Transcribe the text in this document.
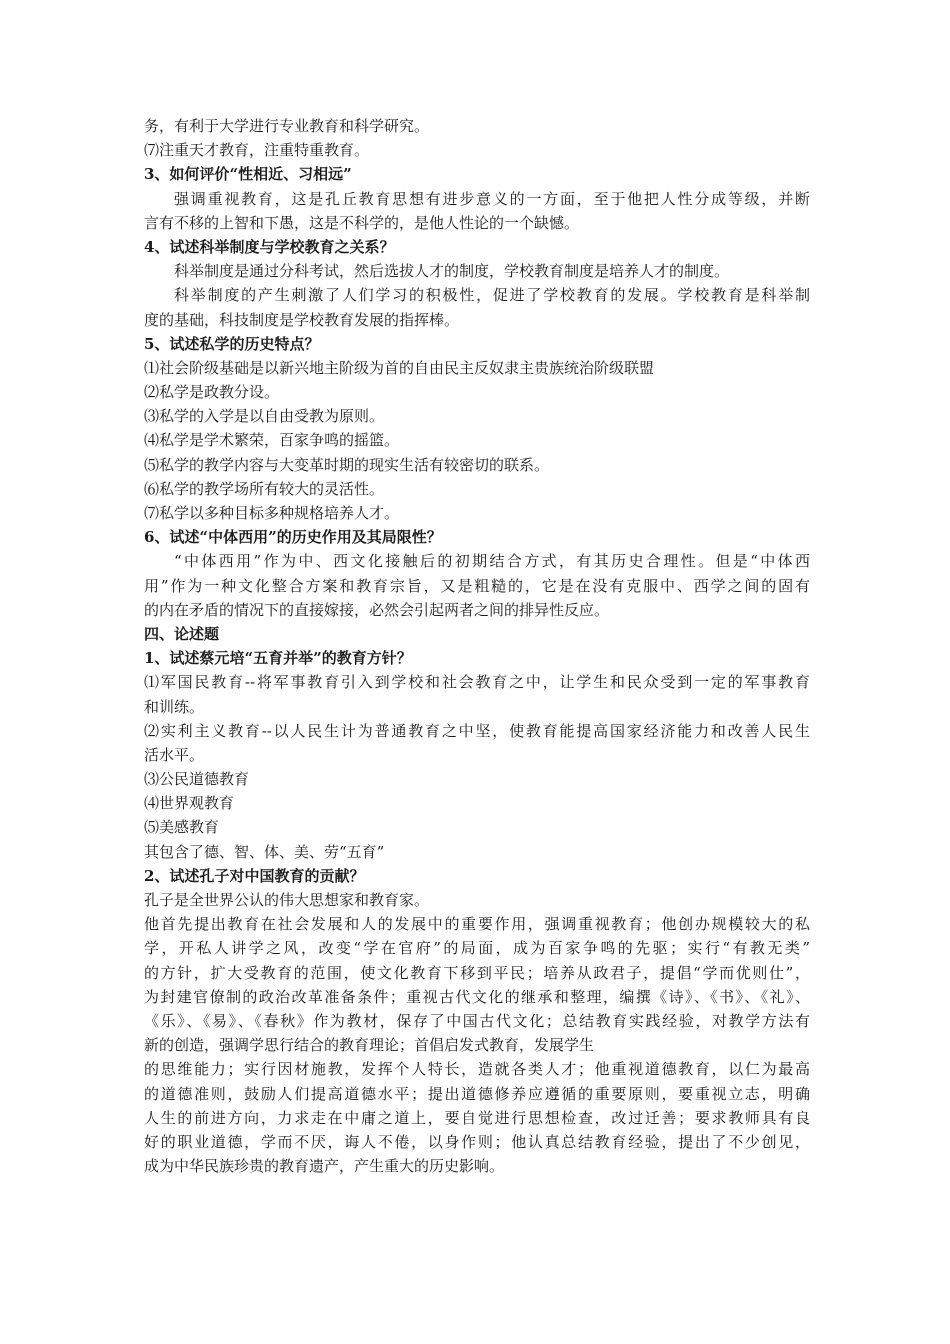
务，有利于大学进行专业教育和科学研究。
⑺注重天才教育，注重特重教育。
3、如何评价“性相近、习相远”
强调重视教育，这是孔丘教育思想有进步意义的一方面，至于他把人性分成等级，并断
言有不移的上智和下愚，这是不科学的，是他人性论的一个缺憾。
4、试述科举制度与学校教育之关系？
科举制度是通过分科考试，然后选拔人才的制度，学校教育制度是培养人才的制度。
科举制度的产生刺激了人们学习的积极性，促进了学校教育的发展。学校教育是科举制
度的基础，科技制度是学校教育发展的指挥棒。
5、试述私学的历史特点？
⑴社会阶级基础是以新兴地主阶级为首的自由民主反奴隶主贵族统治阶级联盟
⑵私学是政教分设。
⑶私学的入学是以自由受教为原则。
⑷私学是学术繁荣，百家争鸣的摇篮。
⑸私学的教学内容与大变革时期的现实生活有较密切的联系。
⑹私学的教学场所有较大的灵活性。
⑺私学以多种目标多种规格培养人才。
6、试述“中体西用”的历史作用及其局限性？
“中体西用”作为中、西文化接触后的初期结合方式，有其历史合理性。但是“中体西
用”作为一种文化整合方案和教育宗旨，又是粗糙的，它是在没有克服中、西学之间的固有
的内在矛盾的情况下的直接嫁接，必然会引起两者之间的排异性反应。
四、论述题
1、试述蔡元培“五育并举”的教育方针？
⑴军国民教育--将军事教育引入到学校和社会教育之中，让学生和民众受到一定的军事教育
和训练。
⑵实利主义教育--以人民生计为普通教育之中坚，使教育能提高国家经济能力和改善人民生
活水平。
⑶公民道德教育
⑷世界观教育
⑸美感教育
其包含了德、智、体、美、劳“五育”
2、试述孔子对中国教育的贡献？
孔子是全世界公认的伟大思想家和教育家。
他首先提出教育在社会发展和人的发展中的重要作用，强调重视教育；他创办规模较大的私
学，开私人讲学之风，改变“学在官府”的局面，成为百家争鸣的先驱；实行“有教无类”
的方针，扩大受教育的范围，使文化教育下移到平民；培养从政君子，提倡“学而优则仕”，
为封建官僚制的政治改革准备条件；重视古代文化的继承和整理，编撰《诗》、《书》、《礼》、
《乐》、《易》、《春秋》作为教材，保存了中国古代文化；总结教育实践经验，对教学方法有
新的创造，强调学思行结合的教育理论；首倡启发式教育，发展学生
的思维能力；实行因材施教，发挥个人特长，造就各类人才；他重视道德教育，以仁为最高
的道德准则，鼓励人们提高道德水平；提出道德修养应遵循的重要原则，要重视立志，明确
人生的前进方向，力求走在中庸之道上，要自觉进行思想检查，改过迁善；要求教师具有良
好的职业道德，学而不厌，诲人不倦，以身作则；他认真总结教育经验，提出了不少创见，
成为中华民族珍贵的教育遗产，产生重大的历史影响。
